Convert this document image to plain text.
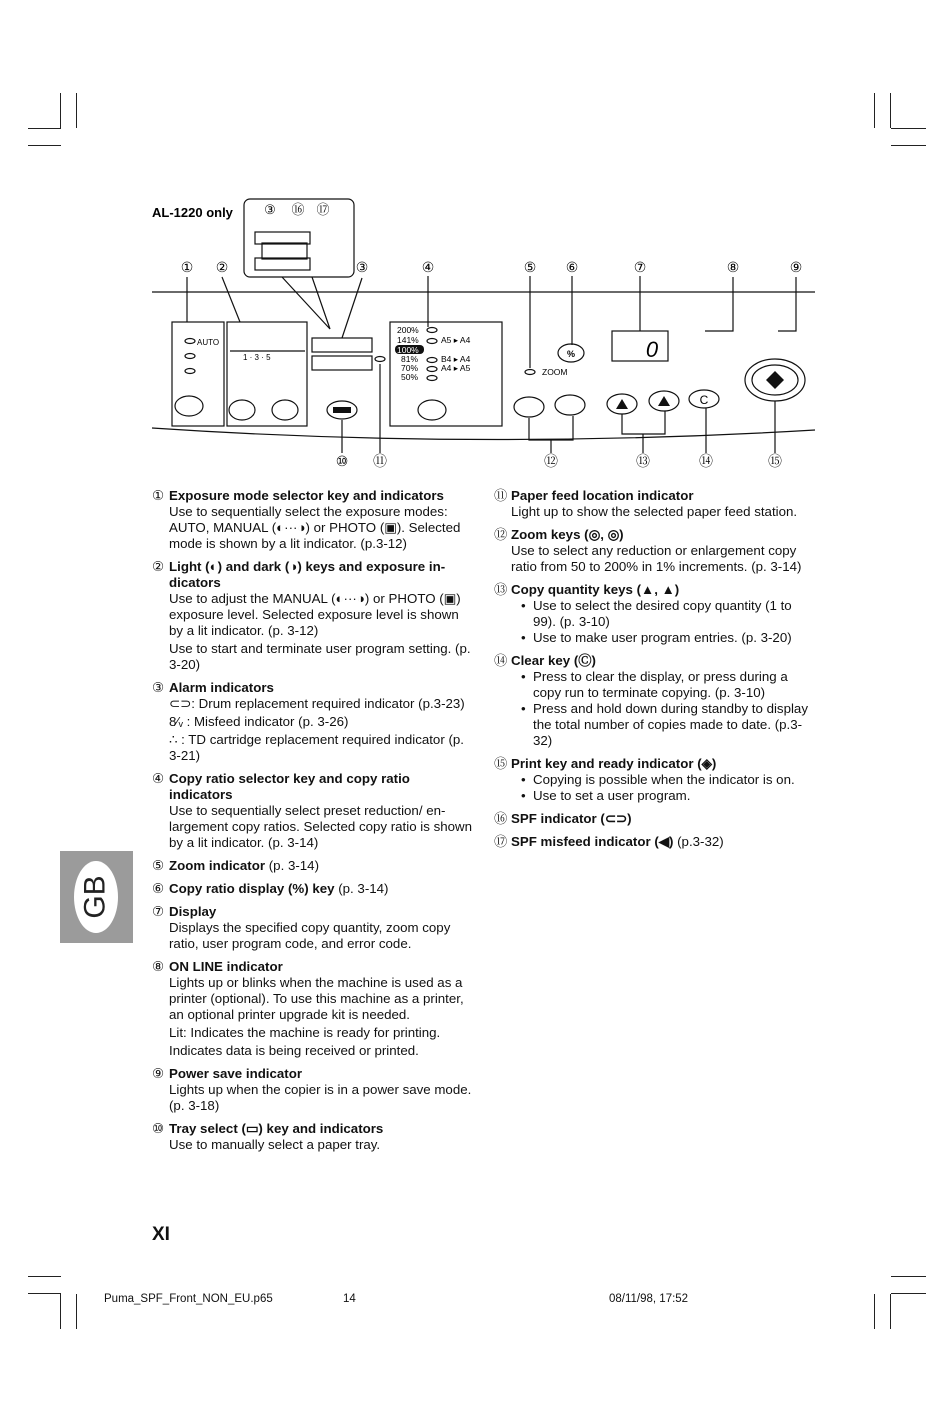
AL-1220 only ③ ⑯ ⑰
① ②	③	④	⑤ ⑥	⑦	⑧	⑨
⑩ ⑪	⑫	⑬	⑭	⑮
AUTO
1 · 3 · 5
200%
141%
100%
81%
70%
50%
A5 ▸ A4
B4 ▸ A4
A4 ▸ A5	ZOOM
%	0
C
① Exposure mode selector key and indicators

Use to sequentially select the exposure modes: AUTO, MANUAL (◐···◑) or PHOTO (▣). Selected mode is shown by a lit indicator. (p.3-12)

② Light (◐) and dark (◑) keys and exposure indicators

Use to adjust the MANUAL (◐···◑) or PHOTO (▣) exposure level. Selected exposure level is shown by a lit indicator. (p. 3-12)

Use to start and terminate user program setting. (p. 3-20)

③ Alarm indicators

⊂⊃: Drum replacement required indicator (p.3-23)

8⁄ᵥ : Misfeed indicator (p. 3-26)

∴ : TD cartridge replacement required indicator (p. 3-21)

④ Copy ratio selector key and copy ratio indicators

Use to sequentially select preset reduction/ enlargement copy ratios. Selected copy ratio is shown by a lit indicator. (p. 3-14)

⑤ Zoom indicator (p. 3-14)
⑥ Copy ratio display (%) key (p. 3-14)
⑦ Display

Displays the specified copy quantity, zoom copy ratio, user program code, and error code.

⑧ ON LINE indicator

Lights up or blinks when the machine is used as a printer (optional). To use this machine as a printer, an optional printer upgrade kit is needed.

Lit: Indicates the machine is ready for printing.

Indicates data is being received or printed.

⑨ Power save indicator

Lights up when the copier is in a power save mode. (p. 3-18)

⑩ Tray select (▭) key and indicators

Use to manually select a paper tray.

⑪ Paper feed location indicator

Light up to show the selected paper feed station.

⑫ Zoom keys (◎, ◎)

Use to select any reduction or enlargement copy ratio from 50 to 200% in 1% increments. (p. 3-14)

⑬ Copy quantity keys (▲, ▲)
• Use to select the desired copy quantity (1 to 99). (p. 3-10)
• Use to make user program entries. (p. 3-20)
⑭ Clear key (Ⓒ)
• Press to clear the display, or press during a copy run to terminate copying. (p. 3-10)
• Press and hold down during standby to display the total number of copies made to date. (p.3-32)
⑮ Print key and ready indicator (◈)
• Copying is possible when the indicator is on.
• Use to set a user program.
⑯ SPF indicator (⊂⊃)
⑰ SPF misfeed indicator (◀) (p.3-32)
GB
XI
Puma_SPF_Front_NON_EU.p65	14	08/11/98, 17:52
